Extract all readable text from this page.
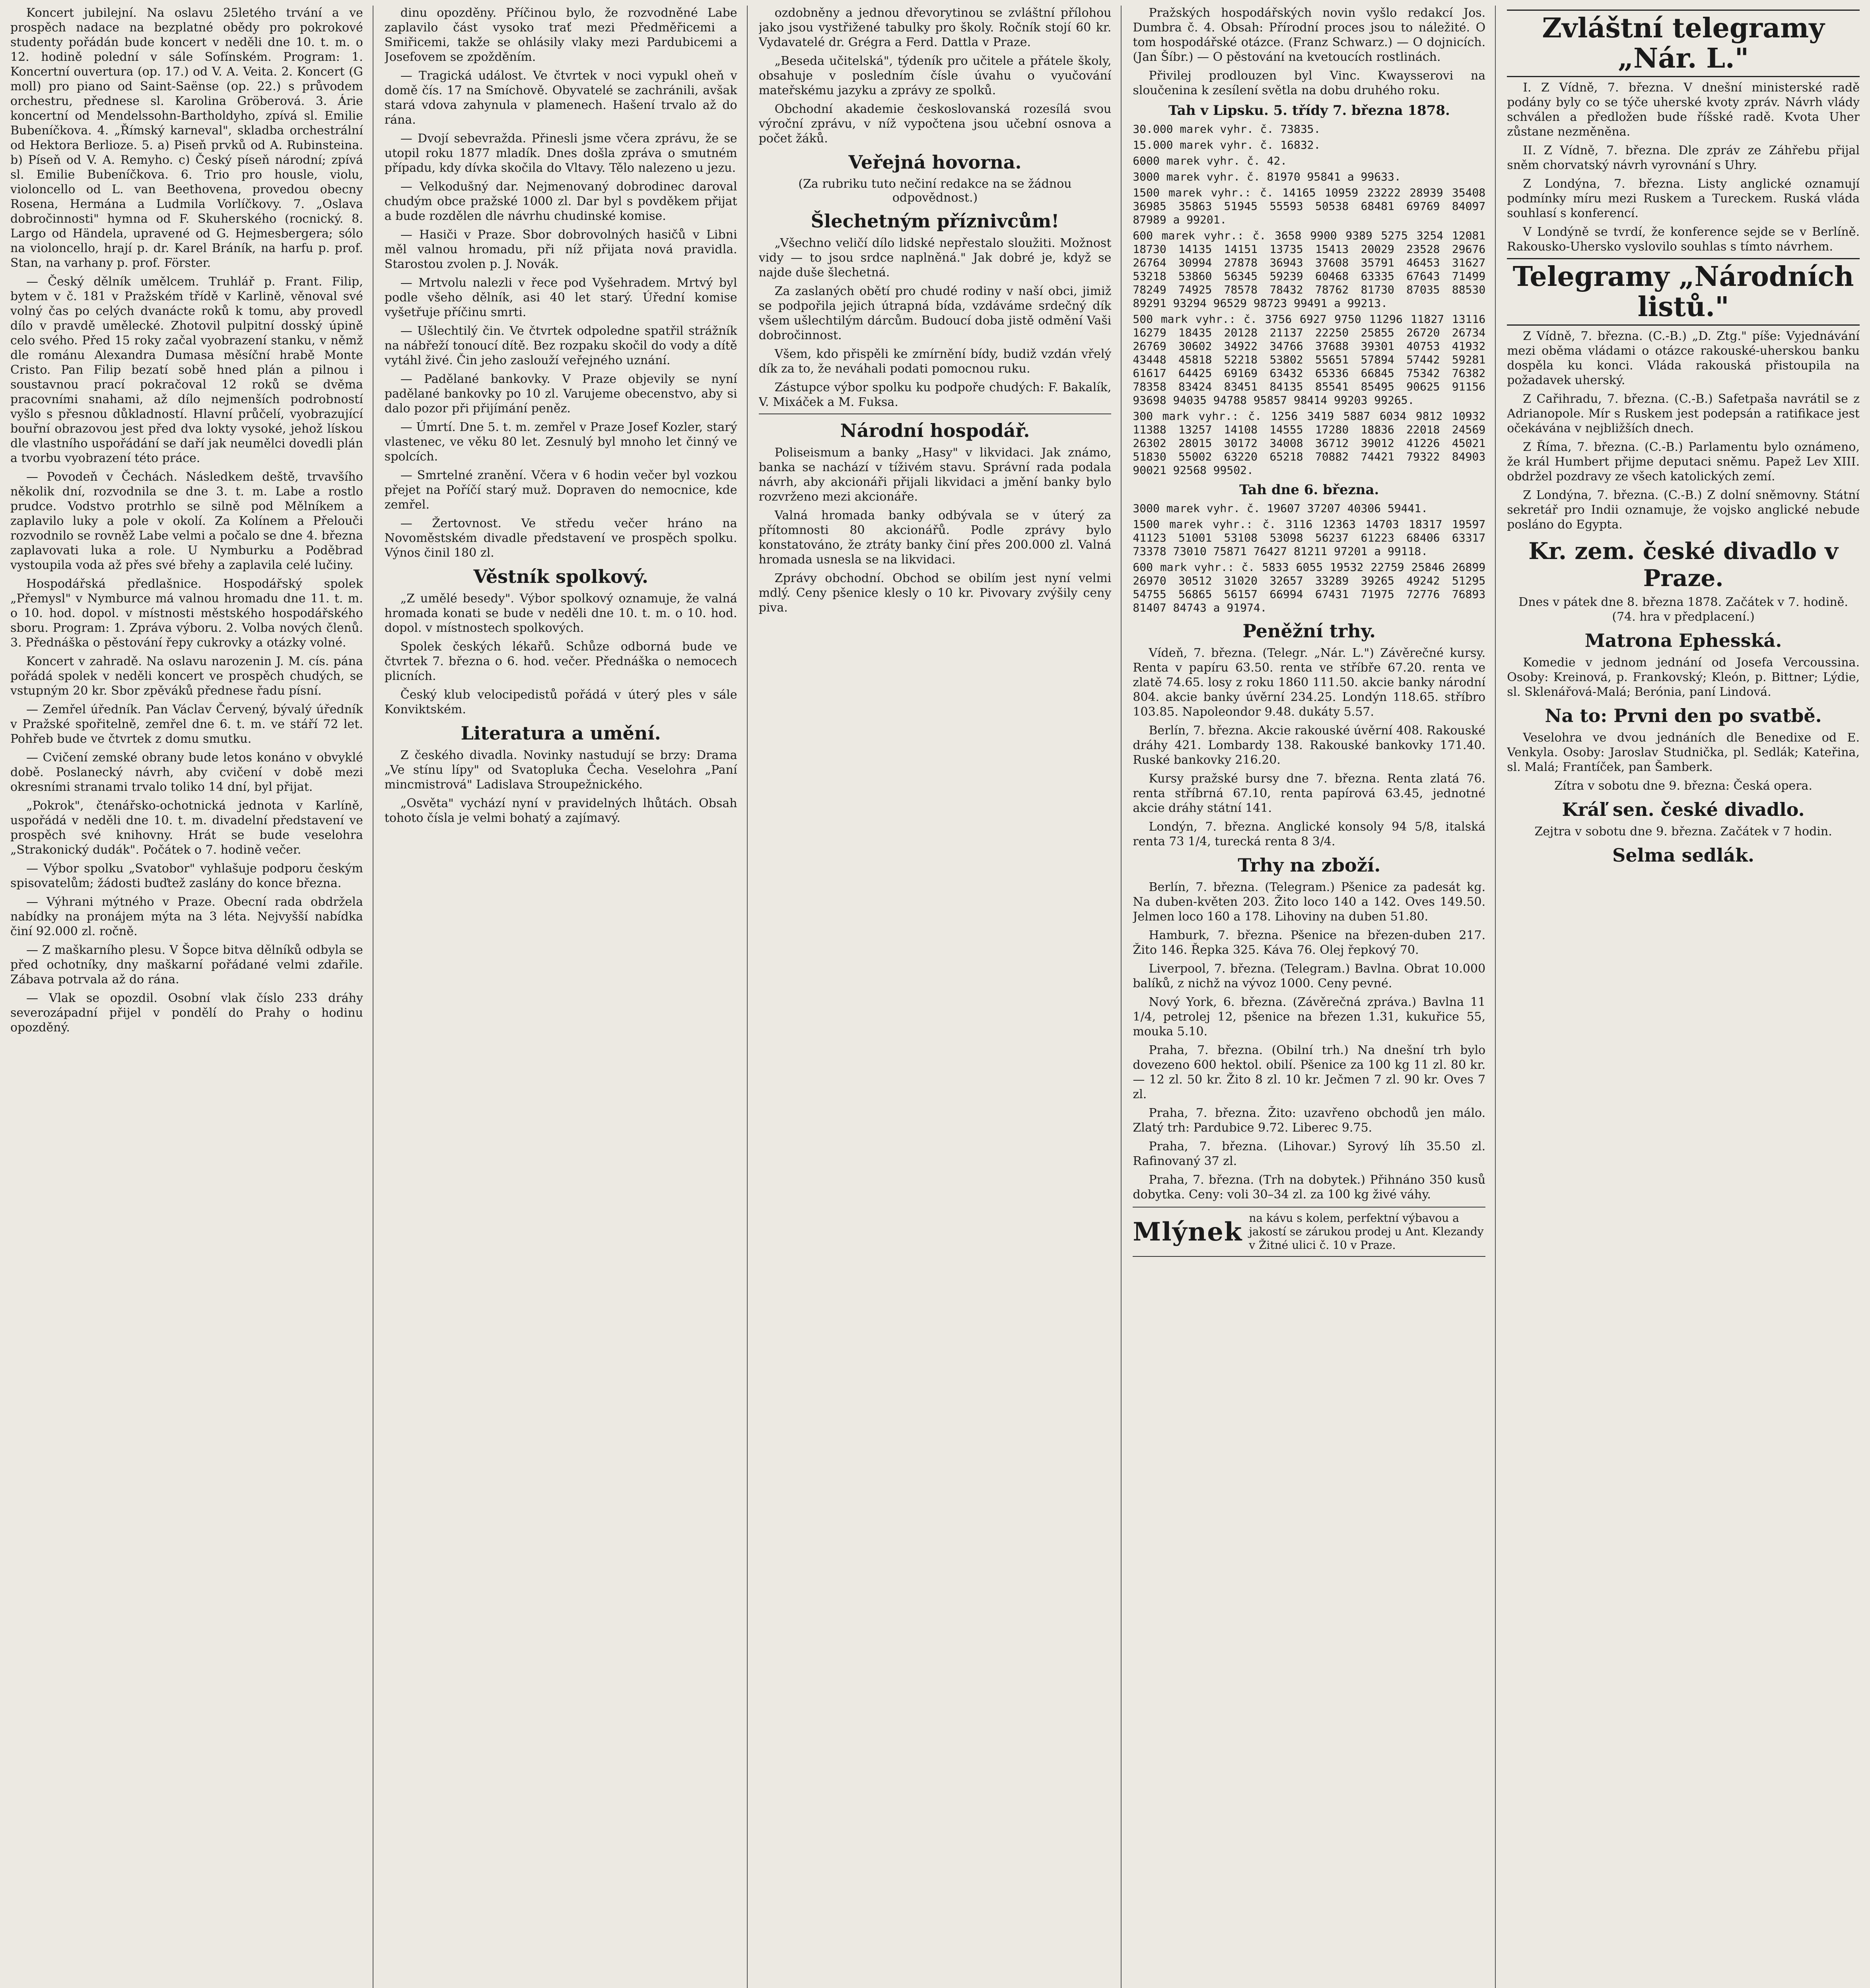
Koncert jubilejní. Na oslavu 25letého trvání a ve prospěch nadace na bezplatné obědy pro pokrokové studenty pořádán bude koncert v neděli dne 10. t. m. o 12. hodině polední v sále Sofínském. Program: 1. Koncertní ouvertura (op. 17.) od V. A. Veita. 2. Koncert (G moll) pro piano od Saint-Saënse (op. 22.) s průvodem orchestru, přednese sl. Karolina Gröberová. 3. Árie koncertní od Mendelssohn-Bartholdyho, zpívá sl. Emilie Bubeníčkova. 4. „Římský karneval", skladba orchestrální od Hektora Berlioze. 5. a) Piseň prvků od A. Rubinsteina. b) Píseň od V. A. Remyho. c) Český píseň národní; zpívá sl. Emilie Bubeníčkova. 6. Trio pro housle, violu, violoncello od L. van Beethovena, provedou obecny Rosena, Hermána a Ludmila Vorlíčkovy. 7. „Oslava dobročinnosti" hymna od F. Skuherského (rocnický. 8. Largo od Händela, upravené od G. Hejmesbergera; sólo na violoncello, hrají p. dr. Karel Bráník, na harfu p. prof. Stan, na varhany p. prof. Förster.

— Český dělník umělcem. Truhlář p. Frant. Filip, bytem v č. 181 v Pražském třídě v Karlině, věnoval své volný čas po celých dvanácte roků k tomu, aby provedl dílo v pravdě umělecké. Zhotovil pulpitní dosský úpině celo svého. Před 15 roky začal vyobrazení stanku, v němž dle románu Alexandra Dumasa měsíční hrabě Monte Cristo. Pan Filip bezatí sobě hned plán a pilnou i soustavnou prací pokračoval 12 roků se dvěma pracovními snahami, až dílo nejmenších podrobností vyšlo s přesnou důkladností. Hlavní průčelí, vyobrazující bouřní obrazovou jest před dva lokty vysoké, jehož lískou dle vlastního uspořádání se daří jak neumělci dovedli plán a tvorbu vyobrazení této práce.

— Povodeň v Čechách. Následkem deště, trvavšího několik dní, rozvodnila se dne 3. t. m. Labe a rostlo prudce. Vodstvo protrhlo se silně pod Mělníkem a zaplavilo luky a pole v okolí. Za Kolínem a Přelouči rozvodnilo se rovněž Labe velmi a počalo se dne 4. března zaplavovati luka a role. U Nymburku a Poděbrad vystoupila voda až přes své břehy a zaplavila celé lučiny.

Hospodářská předlašnice. Hospodářský spolek „Přemysl" v Nymburce má valnou hromadu dne 11. t. m. o 10. hod. dopol. v místnosti městského hospodářského sboru. Program: 1. Zpráva výboru. 2. Volba nových členů. 3. Přednáška o pěstování řepy cukrovky a otázky volné.

Koncert v zahradě. Na oslavu narozenin J. M. cís. pána pořádá spolek v neděli koncert ve prospěch chudých, se vstupným 20 kr. Sbor zpěváků přednese řadu písní.

— Zemřel úředník. Pan Václav Červený, bývalý úředník v Pražské spořitelně, zemřel dne 6. t. m. ve stáří 72 let. Pohřeb bude ve čtvrtek z domu smutku.

— Cvičení zemské obrany bude letos konáno v obvyklé době. Poslanecký návrh, aby cvičení v době mezi okresními stranami trvalo toliko 14 dní, byl přijat.

„Pokrok", čtenářsko-ochotnická jednota v Karlíně, uspořádá v neděli dne 10. t. m. divadelní představení ve prospěch své knihovny. Hrát se bude veselohra „Strakonický dudák". Počátek o 7. hodině večer.

— Výbor spolku „Svatobor" vyhlašuje podporu českým spisovatelům; žádosti buďtež zaslány do konce března.

— Výhrani mýtného v Praze. Obecní rada obdržela nabídky na pronájem mýta na 3 léta. Nejvyšší nabídka činí 92.000 zl. ročně.

— Z maškarního plesu. V Šopce bitva dělníků odbyla se před ochotníky, dny maškarní pořádané velmi zdařile. Zábava potrvala až do rána.

— Vlak se opozdil. Osobní vlak číslo 233 dráhy severozápadní přijel v pondělí do Prahy o hodinu opozděný.

dinu opozděny. Příčinou bylo, že rozvodněné Labe zaplavilo část vysoko trať mezi Předměřicemi a Smiřicemi, takže se ohlásily vlaky mezi Pardubicemi a Josefovem se zpožděním.

— Tragická událost. Ve čtvrtek v noci vypukl oheň v domě čís. 17 na Smíchově. Obyvatelé se zachránili, avšak stará vdova zahynula v plamenech. Hašení trvalo až do rána.

— Dvojí sebevražda. Přinesli jsme včera zprávu, že se utopil roku 1877 mladík. Dnes došla zpráva o smutném případu, kdy dívka skočila do Vltavy. Tělo nalezeno u jezu.

— Velkodušný dar. Nejmenovaný dobrodinec daroval chudým obce pražské 1000 zl. Dar byl s povděkem přijat a bude rozdělen dle návrhu chudinské komise.

— Hasiči v Praze. Sbor dobrovolných hasičů v Libni měl valnou hromadu, při níž přijata nová pravidla. Starostou zvolen p. J. Novák.

— Mrtvolu nalezli v řece pod Vyšehradem. Mrtvý byl podle všeho dělník, asi 40 let starý. Úřední komise vyšetřuje příčinu smrti.

— Ušlechtilý čin. Ve čtvrtek odpoledne spatřil strážník na nábřeží tonoucí dítě. Bez rozpaku skočil do vody a dítě vytáhl živé. Čin jeho zaslouží veřejného uznání.

— Padělané bankovky. V Praze objevily se nyní padělané bankovky po 10 zl. Varujeme obecenstvo, aby si dalo pozor při přijímání peněz.

— Úmrtí. Dne 5. t. m. zemřel v Praze Josef Kozler, starý vlastenec, ve věku 80 let. Zesnulý byl mnoho let činný ve spolcích.

— Smrtelné zranění. Včera v 6 hodin večer byl vozkou přejet na Poříčí starý muž. Dopraven do nemocnice, kde zemřel.

— Žertovnost. Ve středu večer hráno na Novoměstském divadle představení ve prospěch spolku. Výnos činil 180 zl.

Věstník spolkový.

„Z umělé besedy". Výbor spolkový oznamuje, že valná hromada konati se bude v neděli dne 10. t. m. o 10. hod. dopol. v místnostech spolkových.

Spolek českých lékařů. Schůze odborná bude ve čtvrtek 7. března o 6. hod. večer. Přednáška o nemocech plicních.

Český klub velocipedistů pořádá v úterý ples v sále Konviktském.

Literatura a umění.

Z českého divadla. Novinky nastudují se brzy: Drama „Ve stínu lípy" od Svatopluka Čecha. Veselohra „Paní mincmistrová" Ladislava Stroupežnického.

„Osvěta" vychází nyní v pravidelných lhůtách. Obsah tohoto čísla je velmi bohatý a zajímavý.

ozdobněny a jednou dřevorytinou se zvláštní přílohou jako jsou vystřižené tabulky pro školy. Ročník stojí 60 kr. Vydavatelé dr. Grégra a Ferd. Dattla v Praze.

„Beseda učitelská", týdeník pro učitele a přátele školy, obsahuje v posledním čísle úvahu o vyučování mateřskému jazyku a zprávy ze spolků.

Obchodní akademie českoslovanská rozesílá svou výroční zprávu, v níž vypočtena jsou učební osnova a počet žáků.

Veřejná hovorna.
(Za rubriku tuto nečiní redakce na se žádnou odpovědnost.)
Šlechetným příznivcům!

„Všechno veličí dílo lidské nepřestalo sloužiti. Možnost vidy — to jsou srdce naplněná." Jak dobré je, když se najde duše šlechetná.

Za zaslaných obětí pro chudé rodiny v naší obci, jimiž se podpořila jejich útrapná bída, vzdáváme srdečný dík všem ušlechtilým dárcům. Budoucí doba jistě odmění Vaši dobročinnost.

Všem, kdo přispěli ke zmírnění bídy, budiž vzdán vřelý dík za to, že neváhali podati pomocnou ruku.

Zástupce výbor spolku ku podpoře chudých: F. Bakalík, V. Mixáček a M. Fuksa.

Národní hospodář.

Poliseismum a banky „Hasy" v likvidaci. Jak známo, banka se nachází v tíživém stavu. Správní rada podala návrh, aby akcionáři přijali likvidaci a jmění banky bylo rozvrženo mezi akcionáře.

Valná hromada banky odbývala se v úterý za přítomnosti 80 akcionářů. Podle zprávy bylo konstatováno, že ztráty banky činí přes 200.000 zl. Valná hromada usnesla se na likvidaci.

Zprávy obchodní. Obchod se obilím jest nyní velmi mdlý. Ceny pšenice klesly o 10 kr. Pivovary zvýšily ceny piva.

Pražských hospodářských novin vyšlo redakcí Jos. Dumbra č. 4. Obsah: Přírodní proces jsou to náležité. O tom hospodářské otázce. (Franz Schwarz.) — O dojnicích. (Jan Šíbr.) — O pěstování na kvetoucích rostlinách.

Přivilej prodlouzen byl Vinc. Kwaysserovi na sloučenina k zesílení světla na dobu druhého roku.

Tah v Lipsku. 5. třídy 7. března 1878.
30.000 marek vyhr. č. 73835.
15.000 marek vyhr. č. 16832.
6000 marek vyhr. č. 42.
3000 marek vyhr. č. 81970 95841 a 99633.
1500 marek vyhr.: č. 14165 10959 23222 28939 35408 36985 35863 51945 55593 50538 68481 69769 84097 87989 a 99201.
600 marek vyhr.: č. 3658 9900 9389 5275 3254 12081 18730 14135 14151 13735 15413 20029 23528 29676 26764 30994 27878 36943 37608 35791 46453 31627 53218 53860 56345 59239 60468 63335 67643 71499 78249 74925 78578 78432 78762 81730 87035 88530 89291 93294 96529 98723 99491 a 99213.
500 mark vyhr.: č. 3756 6927 9750 11296 11827 13116 16279 18435 20128 21137 22250 25855 26720 26734 26769 30602 34922 34766 37688 39301 40753 41932 43448 45818 52218 53802 55651 57894 57442 59281 61617 64425 69169 63432 65336 66845 75342 76382 78358 83424 83451 84135 85541 85495 90625 91156 93698 94035 94788 95857 98414 99203 99265.
300 mark vyhr.: č. 1256 3419 5887 6034 9812 10932 11388 13257 14108 14555 17280 18836 22018 24569 26302 28015 30172 34008 36712 39012 41226 45021 51830 55002 63220 65218 70882 74421 79322 84903 90021 92568 99502.
Tah dne 6. března.
3000 marek vyhr. č. 19607 37207 40306 59441.
1500 marek vyhr.: č. 3116 12363 14703 18317 19597 41123 51001 53108 53098 56237 61223 68406 63317 73378 73010 75871 76427 81211 97201 a 99118.
600 mark vyhr.: č. 5833 6055 19532 22759 25846 26899 26970 30512 31020 32657 33289 39265 49242 51295 54755 56865 56157 66994 67431 71975 72776 76893 81407 84743 a 91974.
Peněžní trhy.

Vídeň, 7. března. (Telegr. „Nár. L.") Závěrečné kursy. Renta v papíru 63.50. renta ve stříbře 67.20. renta ve zlatě 74.65. losy z roku 1860 111.50. akcie banky národní 804. akcie banky úvěrní 234.25. Londýn 118.65. stříbro 103.85. Napoleondor 9.48. dukáty 5.57.

Berlín, 7. března. Akcie rakouské úvěrní 408. Rakouské dráhy 421. Lombardy 138. Rakouské bankovky 171.40. Ruské bankovky 216.20.

Kursy pražské bursy dne 7. března. Renta zlatá 76. renta stříbrná 67.10, renta papírová 63.45, jednotné akcie dráhy státní 141.

Londýn, 7. března. Anglické konsoly 94 5/8, italská renta 73 1/4, turecká renta 8 3/4.

Trhy na zboží.

Berlín, 7. března. (Telegram.) Pšenice za padesát kg. Na duben-květen 203. Žito loco 140 a 142. Oves 149.50. Jelmen loco 160 a 178. Lihoviny na duben 51.80.

Hamburk, 7. března. Pšenice na březen-duben 217. Žito 146. Řepka 325. Káva 76. Olej řepkový 70.

Liverpool, 7. března. (Telegram.) Bavlna. Obrat 10.000 balíků, z nichž na vývoz 1000. Ceny pevné.

Nový York, 6. března. (Závěrečná zpráva.) Bavlna 11 1/4, petrolej 12, pšenice na březen 1.31, kukuřice 55, mouka 5.10.

Praha, 7. března. (Obilní trh.) Na dnešní trh bylo dovezeno 600 hektol. obilí. Pšenice za 100 kg 11 zl. 80 kr. — 12 zl. 50 kr. Žito 8 zl. 10 kr. Ječmen 7 zl. 90 kr. Oves 7 zl.

Praha, 7. března. Žito: uzavřeno obchodů jen málo. Zlatý trh: Pardubice 9.72. Liberec 9.75.

Praha, 7. března. (Lihovar.) Syrový líh 35.50 zl. Rafinovaný 37 zl.

Praha, 7. března. (Trh na dobytek.) Přihnáno 350 kusů dobytka. Ceny: voli 30–34 zl. za 100 kg živé váhy.

Mlýnek na kávu s kolem, perfektní výbavou a jakostí se zárukou prodej u Ant. Klezandy v Žitné ulici č. 10 v Praze.
Zvláštní telegramy „Nár. L."

I. Z Vídně, 7. března. V dnešní ministerské radě podány byly co se týče uherské kvoty zpráv. Návrh vlády schválen a předložen bude říšské radě. Kvota Uher zůstane nezměněna.

II. Z Vídně, 7. března. Dle zpráv ze Záhřebu přijal sněm chorvatský návrh vyrovnání s Uhry.

Z Londýna, 7. března. Listy anglické oznamují podmínky míru mezi Ruskem a Tureckem. Ruská vláda souhlasí s konferencí.

V Londýně se tvrdí, že konference sejde se v Berlíně. Rakousko-Uhersko vyslovilo souhlas s tímto návrhem.

Telegramy „Národních listů."

Z Vídně, 7. března. (C.-B.) „D. Ztg." píše: Vyjednávání mezi oběma vládami o otázce rakouské-uherskou banku dospěla ku konci. Vláda rakouská přistoupila na požadavek uherský.

Z Cařihradu, 7. března. (C.-B.) Safetpaša navrátil se z Adrianopole. Mír s Ruskem jest podepsán a ratifikace jest očekávána v nejbližších dnech.

Z Říma, 7. března. (C.-B.) Parlamentu bylo oznámeno, že král Humbert přijme deputaci sněmu. Papež Lev XIII. obdržel pozdravy ze všech katolických zemí.

Z Londýna, 7. března. (C.-B.) Z dolní sněmovny. Státní sekretář pro Indii oznamuje, že vojsko anglické nebude posláno do Egypta.

Kr. zem. české divadlo v Praze.

Dnes v pátek dne 8. března 1878. Začátek v 7. hodině. (74. hra v předplacení.)

Matrona Ephesská.

Komedie v jednom jednání od Josefa Vercoussina. Osoby: Kreinová, p. Frankovský; Kleón, p. Bittner; Lýdie, sl. Sklenářová-Malá; Berónia, paní Lindová.

Na to: Prvni den po svatbě.

Veselohra ve dvou jednáních dle Benedixe od E. Venkyla. Osoby: Jaroslav Studnička, pl. Sedlák; Kateřina, sl. Malá; Frantíček, pan Šamberk.

Zítra v sobotu dne 9. března: Česká opera.

Kráľ sen. české divadlo.

Zejtra v sobotu dne 9. března. Začátek v 7 hodin.

Selma sedlák.
